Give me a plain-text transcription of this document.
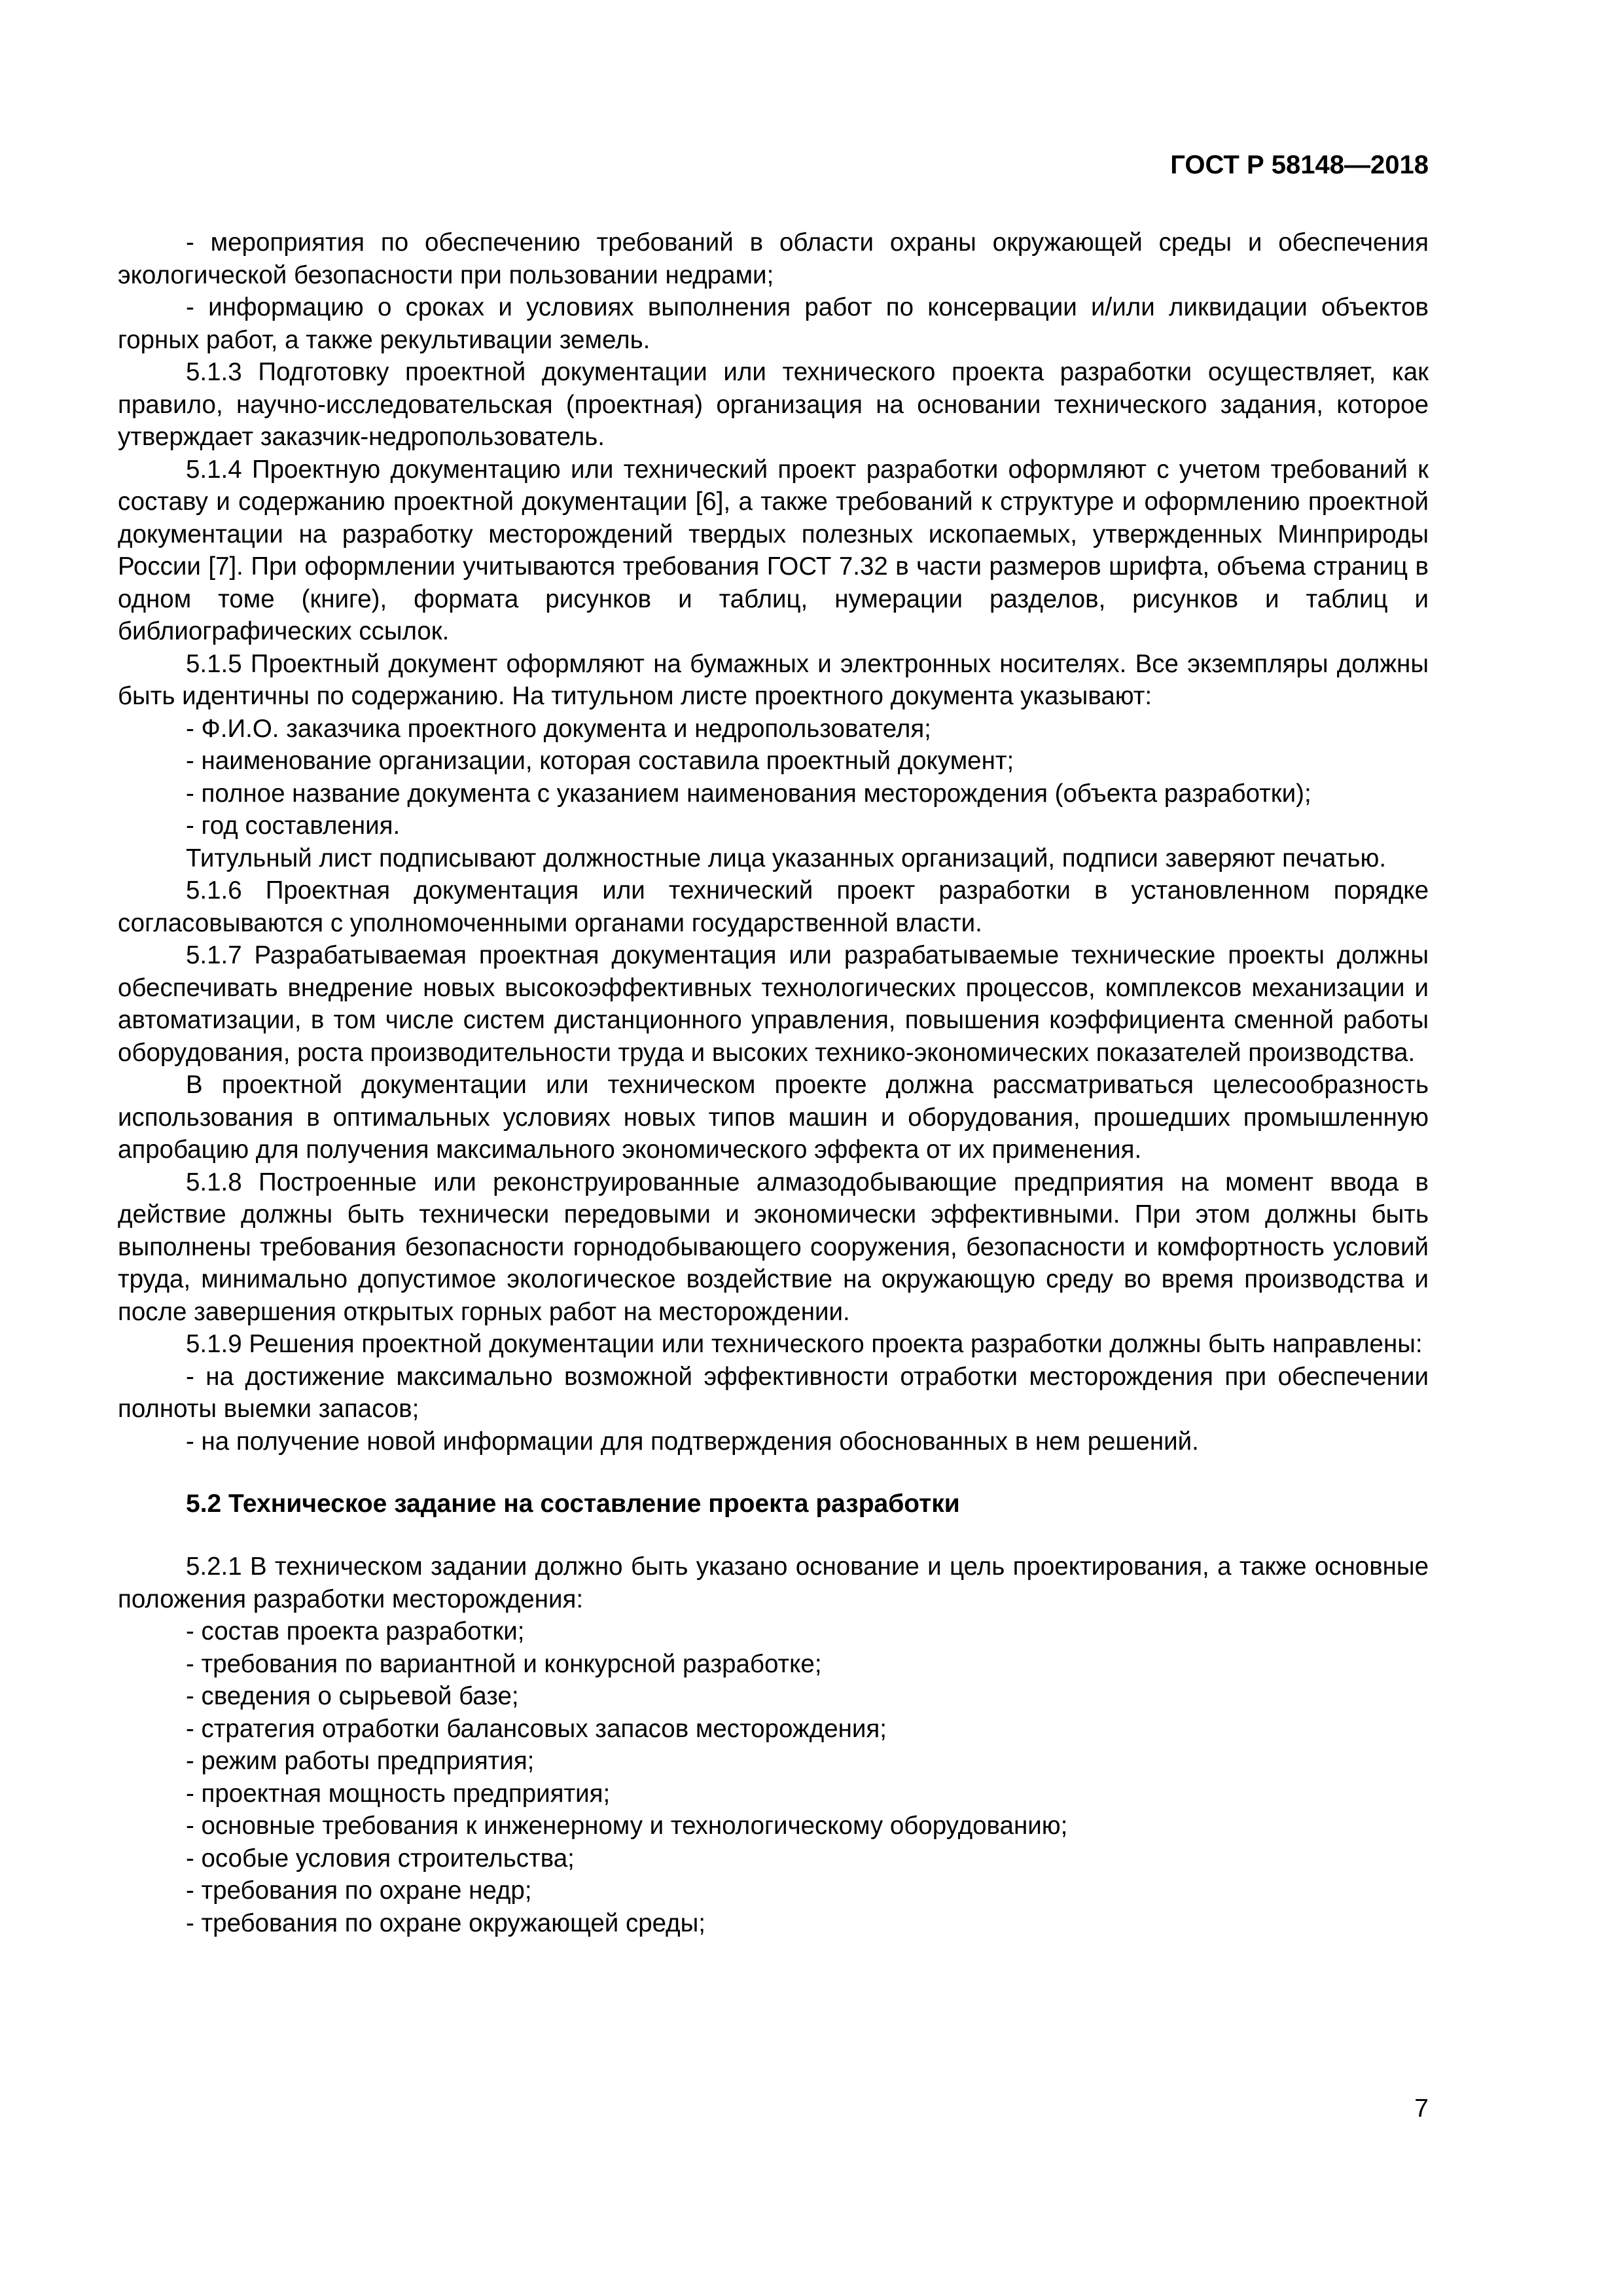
ГОСТ Р 58148—2018

- мероприятия по обеспечению требований в области охраны окружающей среды и обеспечения экологической безопасности при пользовании недрами;

- информацию о сроках и условиях выполнения работ по консервации и/или ликвидации объектов горных работ, а также рекультивации земель.

5.1.3 Подготовку проектной документации или технического проекта разработки осуществляет, как правило, научно-исследовательская (проектная) организация на основании технического задания, которое утверждает заказчик-недропользователь.

5.1.4 Проектную документацию или технический проект разработки оформляют с учетом требований к составу и содержанию проектной документации [6], а также требований к структуре и оформлению проектной документации на разработку месторождений твердых полезных ископаемых, утвержденных Минприроды России [7]. При оформлении учитываются требования ГОСТ 7.32 в части размеров шрифта, объема страниц в одном томе (книге), формата рисунков и таблиц, нумерации разделов, рисунков и таблиц и библиографических ссылок.

5.1.5 Проектный документ оформляют на бумажных и электронных носителях. Все экземпляры должны быть идентичны по содержанию. На титульном листе проектного документа указывают:

- Ф.И.О. заказчика проектного документа и недропользователя;

- наименование организации, которая составила проектный документ;

- полное название документа с указанием наименования месторождения (объекта разработки);

- год составления.

Титульный лист подписывают должностные лица указанных организаций, подписи заверяют печатью.

5.1.6 Проектная документация или технический проект разработки в установленном порядке согласовываются с уполномоченными органами государственной власти.

5.1.7 Разрабатываемая проектная документация или разрабатываемые технические проекты должны обеспечивать внедрение новых высокоэффективных технологических процессов, комплексов механизации и автоматизации, в том числе систем дистанционного управления, повышения коэффициента сменной работы оборудования, роста производительности труда и высоких технико-экономических показателей производства.

В проектной документации или техническом проекте должна рассматриваться целесообразность использования в оптимальных условиях новых типов машин и оборудования, прошедших промышленную апробацию для получения максимального экономического эффекта от их применения.

5.1.8 Построенные или реконструированные алмазодобывающие предприятия на момент ввода в действие должны быть технически передовыми и экономически эффективными. При этом должны быть выполнены требования безопасности горнодобывающего сооружения, безопасности и комфортность условий труда, минимально допустимое экологическое воздействие на окружающую среду во время производства и после завершения открытых горных работ на месторождении.

5.1.9 Решения проектной документации или технического проекта разработки должны быть направлены:

- на достижение максимально возможной эффективности отработки месторождения при обеспечении полноты выемки запасов;

- на получение новой информации для подтверждения обоснованных в нем решений.

5.2 Техническое задание на составление проекта разработки

5.2.1 В техническом задании должно быть указано основание и цель проектирования, а также основные положения разработки месторождения:

- состав проекта разработки;

- требования по вариантной и конкурсной разработке;

- сведения о сырьевой базе;

- стратегия отработки балансовых запасов месторождения;

- режим работы предприятия;

- проектная мощность предприятия;

- основные требования к инженерному и технологическому оборудованию;

- особые условия строительства;

- требования по охране недр;

- требования по охране окружающей среды;

7
